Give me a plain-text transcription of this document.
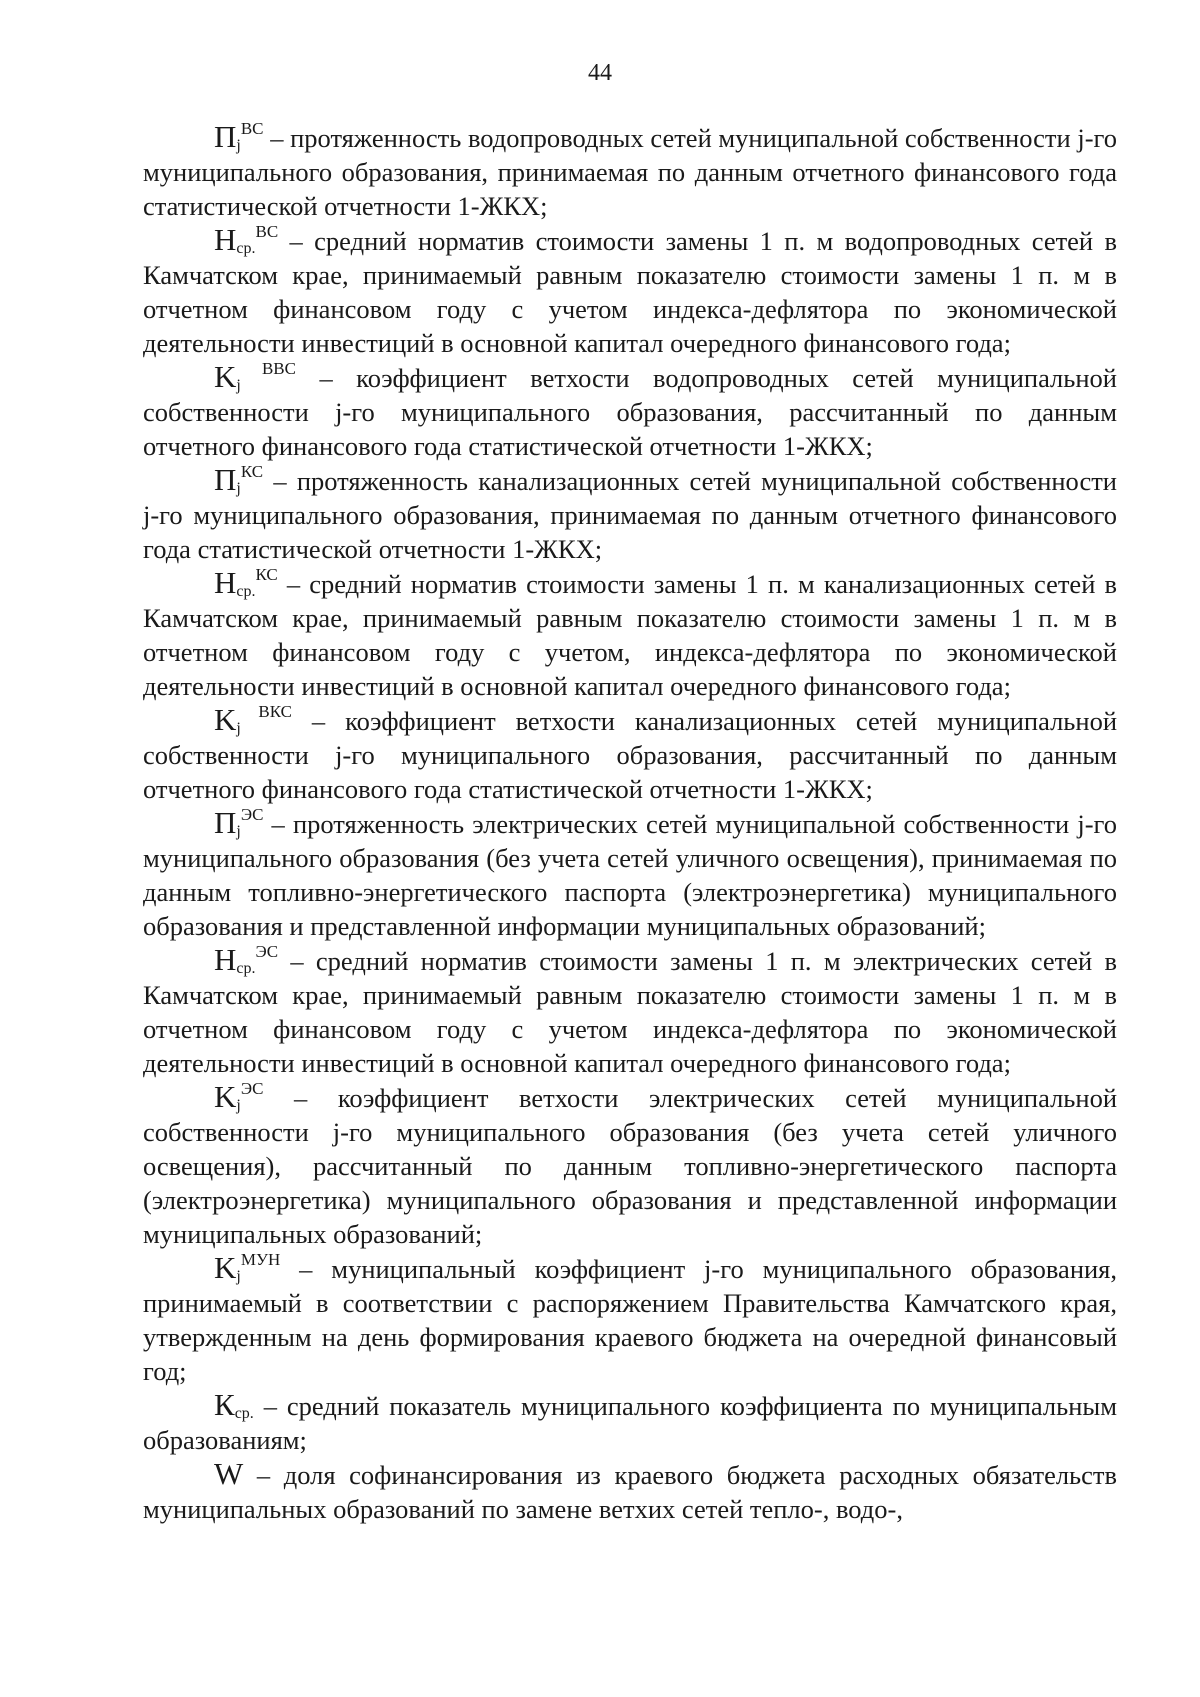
44

$П_j^{ВС}$ – протяженность водопроводных сетей муниципальной собственности j-го муниципального образования, принимаемая по данным отчетного финансового года статистической отчетности 1-ЖКХ;

$Н_{ср.}^{ВС}$ – средний норматив стоимости замены 1 п. м водопроводных сетей в Камчатском крае, принимаемый равным показателю стоимости замены 1 п. м в отчетном финансовом году с учетом индекса-дефлятора по экономической деятельности инвестиций в основной капитал очередного финансового года;

$K_j$ $^{ВВС}$ – коэффициент ветхости водопроводных сетей муниципальной собственности j-го муниципального образования, рассчитанный по данным отчетного финансового года статистической отчетности 1-ЖКХ;

$П_j^{КС}$ – протяженность канализационных сетей муниципальной собственности j-го муниципального образования, принимаемая по данным отчетного финансового года статистической отчетности 1-ЖКХ;

$Н_{ср.}^{КС}$ – средний норматив стоимости замены 1 п. м канализационных сетей в Камчатском крае, принимаемый равным показателю стоимости замены 1 п. м в отчетном финансовом году с учетом, индекса-дефлятора по экономической деятельности инвестиций в основной капитал очередного финансового года;

$K_j$ $^{ВКС}$ – коэффициент ветхости канализационных сетей муниципальной собственности j-го муниципального образования, рассчитанный по данным отчетного финансового года статистической отчетности 1-ЖКХ;

$П_j^{ЭС}$ – протяженность электрических сетей муниципальной собственности j-го муниципального образования (без учета сетей уличного освещения), принимаемая по данным топливно-энергетического паспорта (электроэнергетика) муниципального образования и представленной информации муниципальных образований;

$Н_{ср.}^{ЭС}$ – средний норматив стоимости замены 1 п. м электрических сетей в Камчатском крае, принимаемый равным показателю стоимости замены 1 п. м в отчетном финансовом году с учетом индекса-дефлятора по экономической деятельности инвестиций в основной капитал очередного финансового года;

$K_j^{ЭС}$ – коэффициент ветхости электрических сетей муниципальной собственности j-го муниципального образования (без учета сетей уличного освещения), рассчитанный по данным топливно-энергетического паспорта (электроэнергетика) муниципального образования и представленной информации муниципальных образований;

$K_j^{МУН}$ – муниципальный коэффициент j-го муниципального образования, принимаемый в соответствии с распоряжением Правительства Камчатского края, утвержденным на день формирования краевого бюджета на очередной финансовый год;

$К_{ср.}$ – средний показатель муниципального коэффициента по муниципальным образованиям;

W – доля софинансирования из краевого бюджета расходных обязательств муниципальных образований по замене ветхих сетей тепло-, водо-,
